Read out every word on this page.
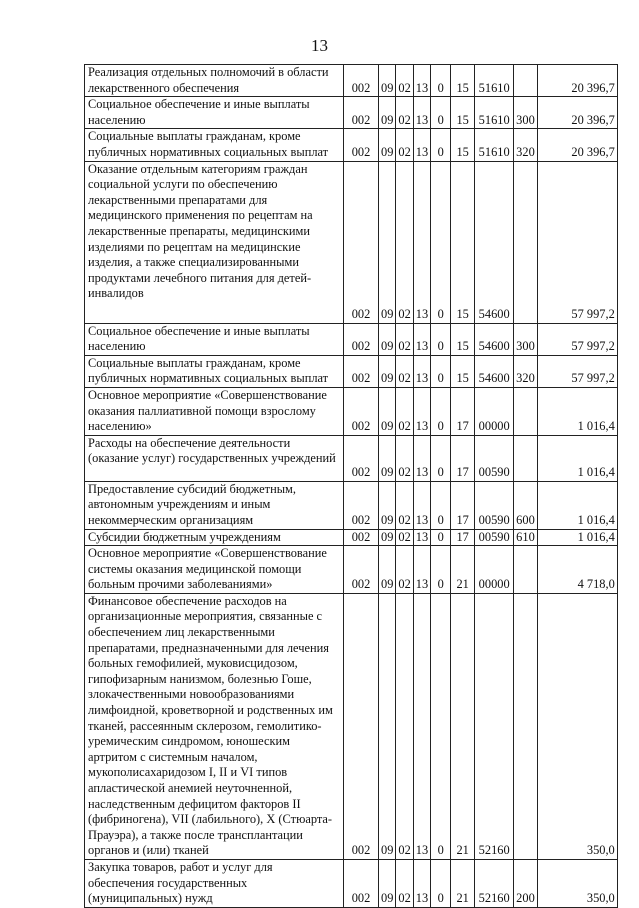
13
Реализация отдельных полномочий в области лекарственного обеспечения	002	09	02	13	0	15	51610		20 396,7
Социальное обеспечение и иные выплаты населению	002	09	02	13	0	15	51610	300	20 396,7
Социальные выплаты гражданам, кроме публичных нормативных социальных выплат	002	09	02	13	0	15	51610	320	20 396,7
Оказание отдельным категориям граждан социальной услуги по обеспечению лекарственными препаратами для медицинского применения по рецептам на лекарственные препараты, медицинскими изделиями по рецептам на медицинские изделия, а также специализированными продуктами лечебного питания для детей-инвалидов	002	09	02	13	0	15	54600		57 997,2
Социальное обеспечение и иные выплаты населению	002	09	02	13	0	15	54600	300	57 997,2
Социальные выплаты гражданам, кроме публичных нормативных социальных выплат	002	09	02	13	0	15	54600	320	57 997,2
Основное мероприятие «Совершенствование оказания паллиативной помощи взрослому населению»	002	09	02	13	0	17	00000		1 016,4
Расходы на обеспечение деятельности (оказание услуг) государственных учреждений	002	09	02	13	0	17	00590		1 016,4
Предоставление субсидий бюджетным, автономным учреждениям и иным некоммерческим организациям	002	09	02	13	0	17	00590	600	1 016,4
Субсидии бюджетным учреждениям	002	09	02	13	0	17	00590	610	1 016,4
Основное мероприятие «Совершенствование системы оказания медицинской помощи больным прочими заболеваниями»	002	09	02	13	0	21	00000		4 718,0
Финансовое обеспечение расходов на организационные мероприятия, связанные с обеспечением лиц лекарственными препаратами, предназначенными для лечения больных гемофилией, муковисцидозом, гипофизарным нанизмом, болезнью Гоше, злокачественными новообразованиями лимфоидной, кроветворной и родственных им тканей, рассеянным склерозом, гемолитико-уремическим синдромом, юношеским артритом с системным началом, мукополисахаридозом I, II и VI типов апластической анемией неуточненной, наследственным дефицитом факторов II (фибриногена), VII (лабильного), X (Стюарта-Прауэра), а также после трансплантации органов и (или) тканей	002	09	02	13	0	21	52160		350,0
Закупка товаров, работ и услуг для обеспечения государственных (муниципальных) нужд	002	09	02	13	0	21	52160	200	350,0
